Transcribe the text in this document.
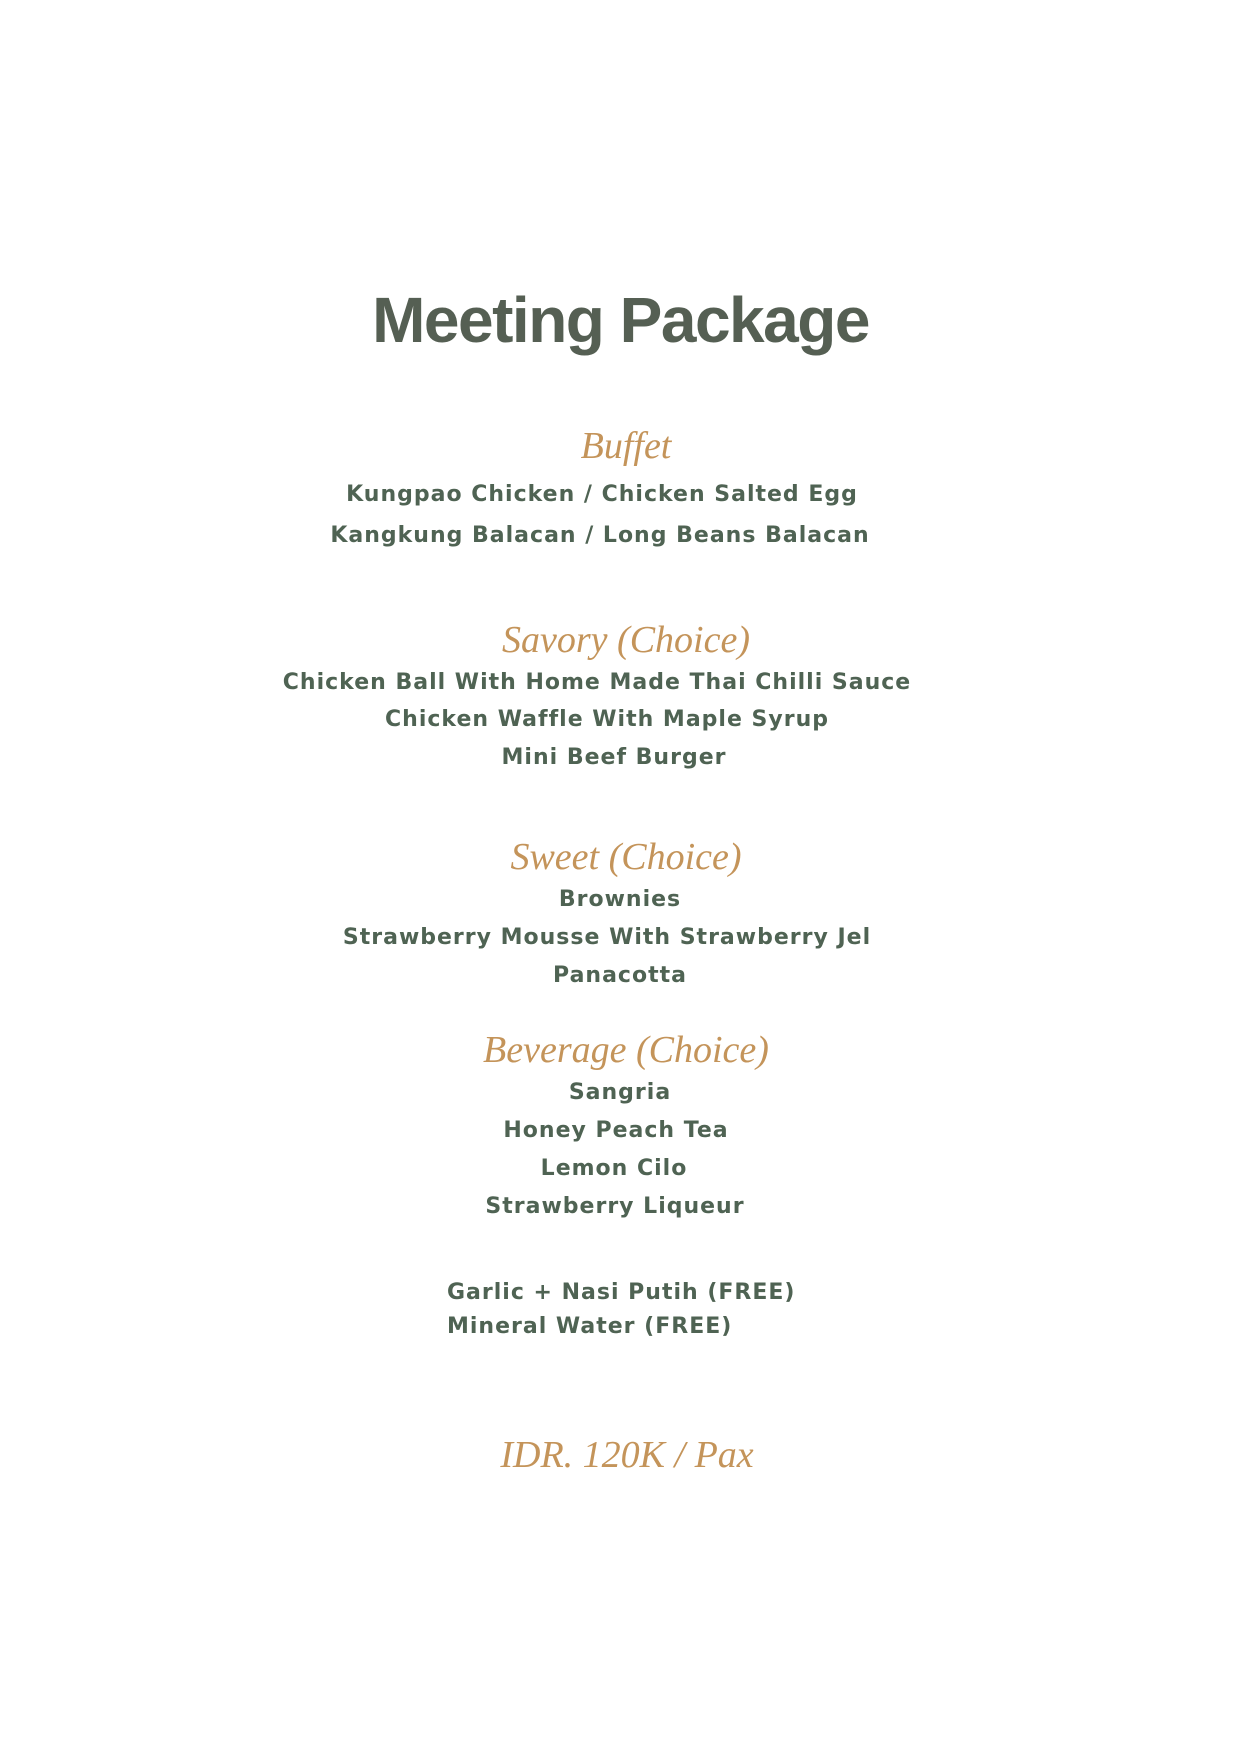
Meeting Package
Buffet
Kungpao Chicken / Chicken Salted Egg
Kangkung Balacan / Long Beans Balacan
Savory (Choice)
Chicken Ball With Home Made Thai Chilli Sauce
Chicken Waffle With Maple Syrup
Mini Beef Burger
Sweet (Choice)
Brownies
Strawberry Mousse With Strawberry Jel
Panacotta
Beverage (Choice)
Sangria
Honey Peach Tea
Lemon Cilo
Strawberry Liqueur
Garlic + Nasi Putih (FREE)
Mineral Water (FREE)
IDR. 120K / Pax
